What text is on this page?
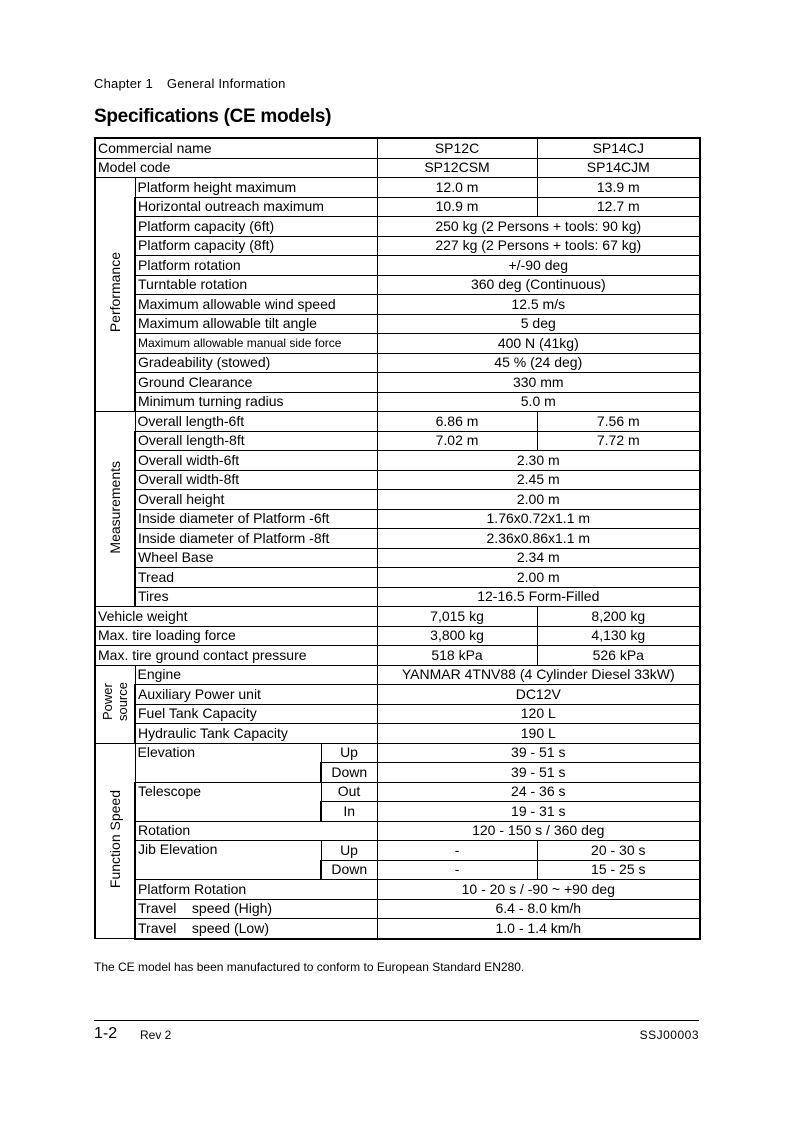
Chapter 1 General Information
Specifications (CE models)
Commercial name			SP12C	SP14CJ
Model code			SP12CSM	SP14CJM
Performance	Platform height maximum		12.0 m	13.9 m
	Horizontal outreach maximum		10.9 m	12.7 m
	Platform capacity (6ft)		250 kg (2 Persons + tools: 90 kg)	
	Platform capacity (8ft)		227 kg (2 Persons + tools: 67 kg)	
	Platform rotation		+/-90 deg	
	Turntable rotation		360 deg (Continuous)	
	Maximum allowable wind speed		12.5 m/s	
	Maximum allowable tilt angle		5 deg	
	Maximum allowable manual side force		400 N (41kg)	
	Gradeability (stowed)		45 % (24 deg)	
	Ground Clearance		330 mm	
	Minimum turning radius		5.0 m	
Measurements	Overall length-6ft		6.86 m	7.56 m
	Overall length-8ft		7.02 m	7.72 m
	Overall width-6ft		2.30 m	
	Overall width-8ft		2.45 m	
	Overall height		2.00 m	
	Inside diameter of Platform -6ft		1.76x0.72x1.1 m	
	Inside diameter of Platform -8ft		2.36x0.86x1.1 m	
	Wheel Base		2.34 m	
	Tread		2.00 m	
	Tires		12-16.5 Form-Filled	
Vehicle weight			7,015 kg	8,200 kg
Max. tire loading force			3,800 kg	4,130 kg
Max. tire ground contact pressure			518 kPa	526 kPa
Power
source	Engine		YANMAR 4TNV88 (4 Cylinder Diesel 33kW)	
	Auxiliary Power unit		DC12V	
	Fuel Tank Capacity		120 L	
	Hydraulic Tank Capacity		190 L	
Function Speed	Elevation	Up	39 - 51 s	
		Down	39 - 51 s	
	Telescope	Out	24 - 36 s	
		In	19 - 31 s	
	Rotation		120 - 150 s / 360 deg	
	Jib Elevation	Up	-	20 - 30 s
		Down	-	15 - 25 s
	Platform Rotation		10 - 20 s / -90 ~ +90 deg	
	Travel    speed (High)		6.4 - 8.0 km/h	
	Travel    speed (Low)		1.0 - 1.4 km/h	
The CE model has been manufactured to conform to European Standard EN280.
1-2 Rev 2	SSJ00003
